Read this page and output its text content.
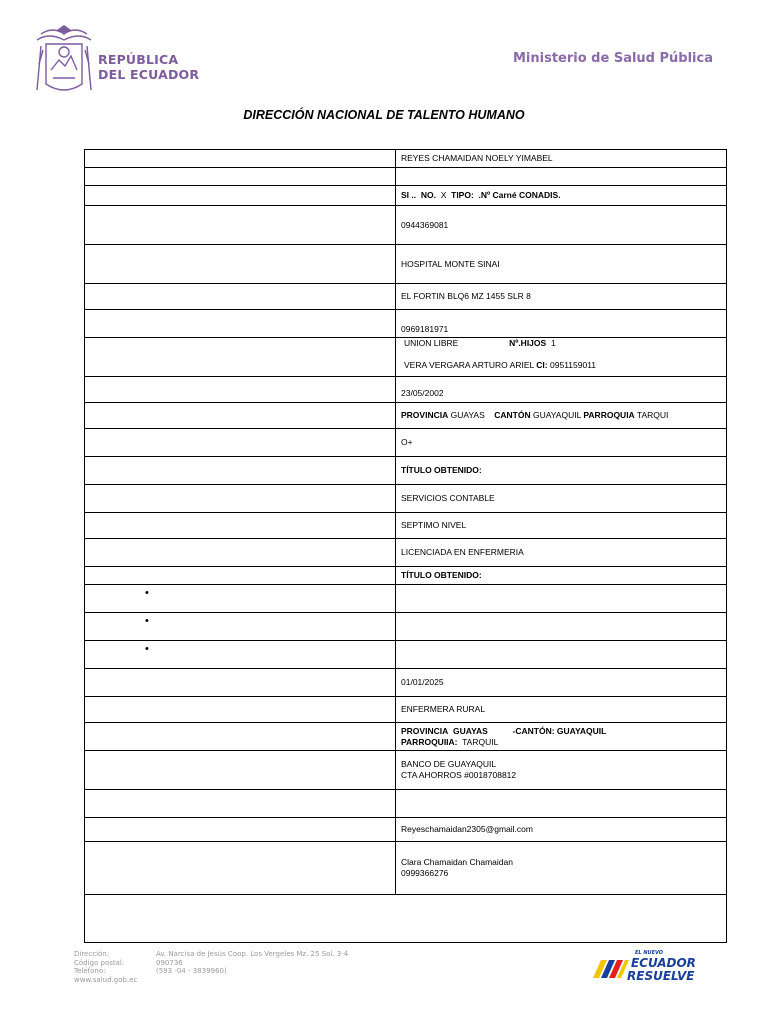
REPÚBLICA
DEL ECUADOR
Ministerio de Salud Pública
DIRECCIÓN NACIONAL DE TALENTO HUMANO
	REYES CHAMAIDAN NOELY YIMABEL

	SI .. NO. X TIPO: .Nº Carné CONADIS.
	0944369081
	HOSPITAL MONTE SINAI
	EL FORTIN BLQ6 MZ 1455 SLR 8
	0969181971

	UNION LIBRE Nº.HIJOS 1
VERA VERGARA ARTURO ARIEL CI: 0951159011

	23/05/2002
	PROVINCIA GUAYAS CANTÓN GUAYAQUIL PARROQUIA TARQUI
	O+
	TÍTULO OBTENIDO:
	SERVICIOS CONTABLE
	SEPTIMO NIVEL
	LICENCIADA EN ENFERMERIA
	TÍTULO OBTENIDO:
•	
•	
•	
	01/01/2025
	ENFERMERA RURAL

	PROVINCIA GUAYAS -CANTÓN: GUAYAQUIL
PARROQUIIA: TARQUIL

	BANCO DE GUAYAQUIL
CTA AHORROS #0018708812

	Reyeschamaidan2305@gmail.com

	Clara Chamaidan Chamaidan
0999366276

Dirección:	Av. Narcisa de Jesús Coop. Los Vergeles Mz. 25 Sol. 3-4
Código postal:	090736
Teléfono:	(593 -04 - 3839960)
www.salud.gob.ec
EL NUEVO
ECUADOR
RESUELVE
